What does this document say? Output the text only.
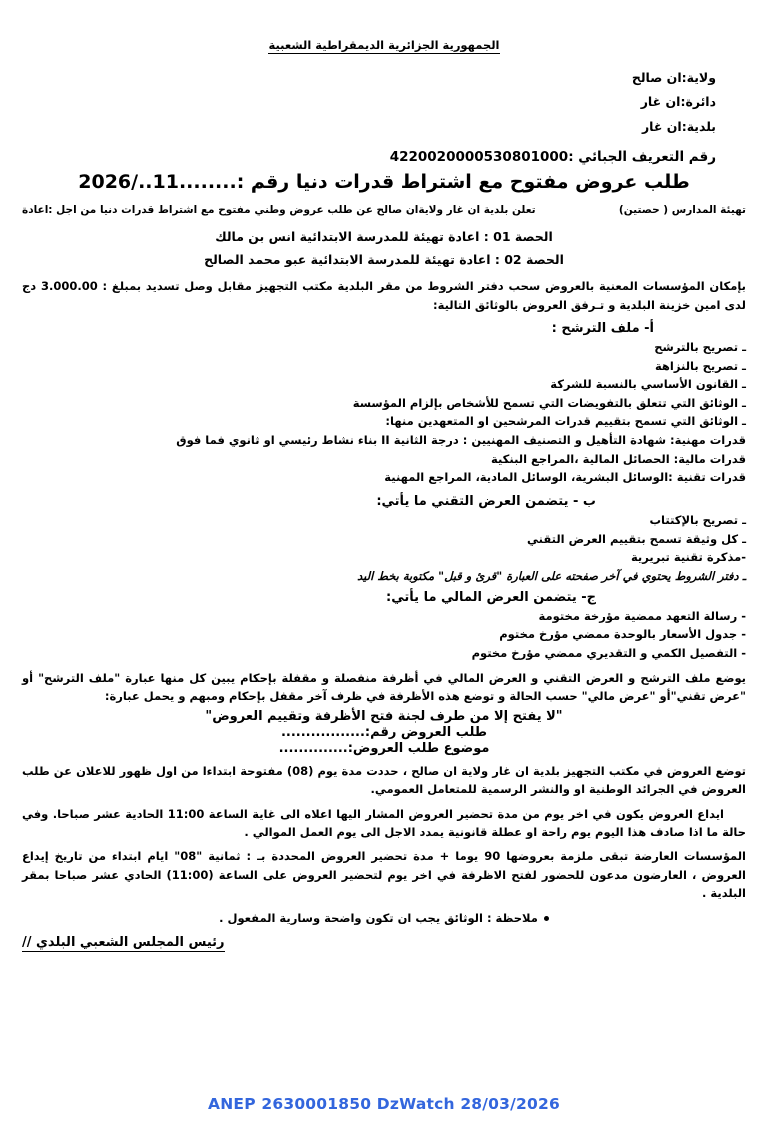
الجمهورية الجزائرية الديمقراطية الشعبية
ولاية:ان صالح
دائرة:ان غار
بلدية:ان غار
رقم التعريف الجبائي :4220020000530801000
طلب عروض مفتوح مع اشتراط قدرات دنيا رقم :........11../2026
تعلن بلدية ان غار ولاية‌ان صالح عن طلب عروض وطني مفتوح مع اشتراط قدرات دنيا من اجل :اعادة	تهيئة المدارس ( حصتين)
الحصة 01 : اعادة تهيئة للمدرسة الابتدائية انس بن مالك
الحصة 02 : اعادة تهيئة للمدرسة الابتدائية عبو محمد الصالح
بإمكان المؤسسات المعنية بالعروض سحب دفتر الشروط من مقر البلدية مكتب التجهيز مقابل وصل تسديد بمبلغ : 3.000.00 دج لدى امين خزينة البلدية و تـرفق العروض بالوثائق التالية:
أ- ملف الترشح :
ـ تصريح بالترشح
ـ تصريح بالنزاهة
ـ القانون الأساسي بالنسبة للشركة
ـ الوثائق التي تتعلق بالتفويضات التي تسمح للأشخاص بإلزام المؤسسة
ـ الوثائق التي تسمح بتقييم قدرات المرشحين او المتعهدين منها:
قدرات مهنية: شهادة التأهيل و التصنيف المهنيين : درجة الثانية II بناء نشاط رئيسي او ثانوي فما فوق
قدرات مالية: الحصائل المالية ،المراجع البنكية
قدرات تقنية :الوسائل البشرية، الوسائل المادية، المراجع المهنية
ب - يتضمن العرض التقني ما يأتي:
ـ تصريح بالإكتتاب
ـ كل وثيقة تسمح بتقييم العرض التقني
-مذكرة تقنية تبريرية
ـ دفتر الشروط يحتوي في آخر صفحته على العبارة "قرئ و قبل" مكتوبة بخط اليد
ج- يتضمن العرض المالي ما يأتي:
- رسالة التعهد ممضية مؤرخة مختومة
- جدول الأسعار بالوحدة ممضي مؤرخ مختوم
- التفصيل الكمي و التقديري ممضي مؤرخ مختوم
يوضع ملف الترشح و العرض التقني و العرض المالي في أظرفة منفصلة و مقفلة بإحكام يبين كل منها عبارة "ملف الترشح" أو "عرض تقني"أو "عرض مالي" حسب الحالة و توضع هذه الأظرفة في ظرف آخر مقفل بإحكام ومبهم و يحمل عبارة:
"لا يفتح إلا من طرف لجنة فتح الأظرفة وتقييم العروض"
طلب العروض رقم:.................
موضوع طلب العروض:..............
توضع العروض في مكتب التجهيز بلدية ان غار ولاية ان صالح ، حددت مدة يوم (08) مفتوحة ابتداءا من اول ظهور للاعلان عن طلب العروض في الجرائد الوطنية او والنشر الرسمية للمتعامل العمومي.
ايداع العروض يكون في اخر يوم من مدة تحضير العروض المشار اليها اعلاه الى غاية الساعة 11:00 الحادية عشر صباحا. وفي حالة ما اذا صادف هذا اليوم يوم راحة او عطلة قانونية يمدد الاجل الى يوم العمل الموالي .
المؤسسات العارضة تبقى ملزمة بعروضها 90 يوما + مدة تحضير العروض المحددة بـ : ثمانية "08" ايام ابتداء من تاريخ إيداع العروض ، العارضون مدعون للحضور لفتح الاظرفة في اخر يوم لتحضير العروض على الساعة (11:00) الحادي عشر صباحا بمقر البلدية .
ملاحظة : الوثائق يجب ان تكون واضحة وسارية المفعول .
رئيس المجلس الشعبي البلدي //
ANEP 2630001850 DzWatch 28/03/2026
